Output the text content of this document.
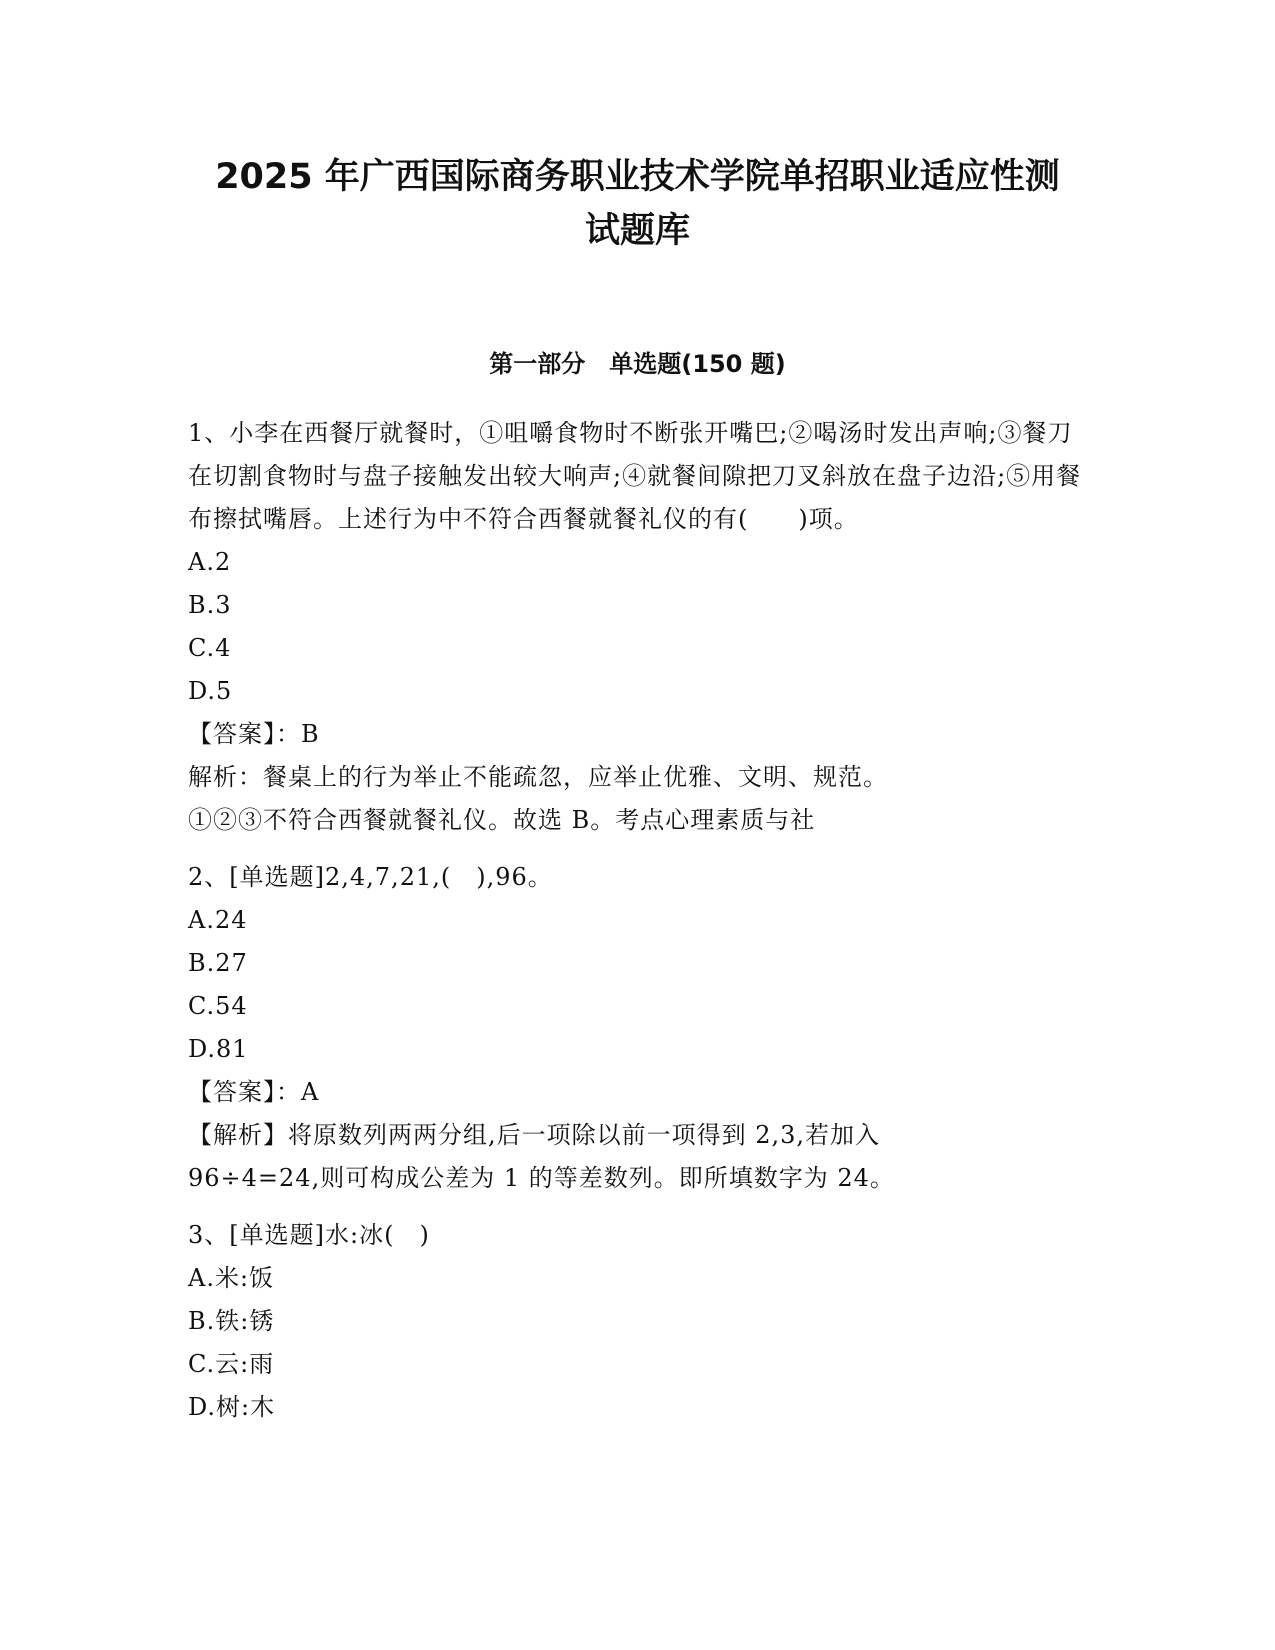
2025 年广西国际商务职业技术学院单招职业适应性测
试题库
第一部分　单选题(150 题)

1、小李在西餐厅就餐时，①咀嚼食物时不断张开嘴巴;②喝汤时发出声响;③餐刀在切割食物时与盘子接触发出较大响声;④就餐间隙把刀叉斜放在盘子边沿;⑤用餐布擦拭嘴唇。上述行为中不符合西餐就餐礼仪的有(　　)项。

A.2

B.3

C.4

D.5

【答案】：B

解析：餐桌上的行为举止不能疏忽，应举止优雅、文明、规范。

①②③不符合西餐就餐礼仪。故选 B。考点心理素质与社

2、[单选题]2,4,7,21,(　),96。

A.24

B.27

C.54

D.81

【答案】：A

【解析】将原数列两两分组,后一项除以前一项得到 2,3,若加入

96÷4=24,则可构成公差为 1 的等差数列。即所填数字为 24。

3、[单选题]水:冰(　)

A.米:饭

B.铁:锈

C.云:雨

D.树:木
